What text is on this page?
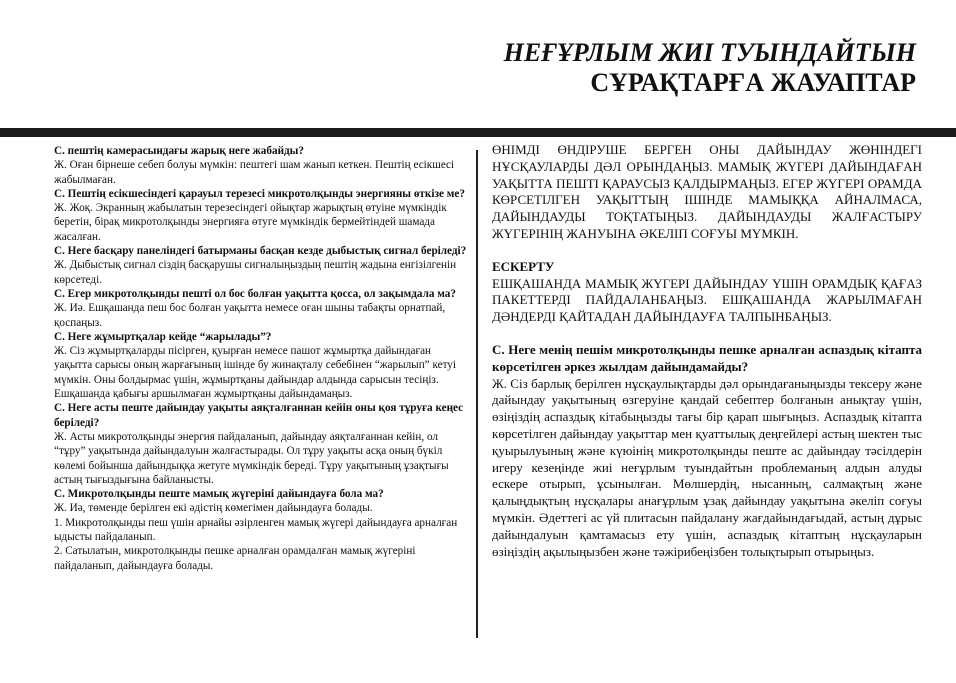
НЕҒҰРЛЫМ ЖИІ ТУЫНДАЙТЫН
СҰРАҚТАРҒА ЖАУАПТАР

С. пештің камерасындағы жарық неге жабайды?

Ж. Оған бірнеше себеп болуы мүмкін: пештегі шам жанып кеткен. Пештің есікшесі жабылмаған.

С. Пештің есікшесіндегі қарауыл терезесі микротолқынды энергияны өткізе ме?

Ж. Жоқ. Экранның жабылатын терезесіндегі ойықтар жарықтың өтуіне мүмкіндік беретін, бірақ микротолқынды энергияға өтуге мүмкіндік бермейтіндей шамада жасалған.

С. Неге басқару панеліндегі батырманы басқан кезде дыбыстық сигнал беріледі?

Ж. Дыбыстық сигнал сіздің басқарушы сигналыңыздың пештің жадына енгізілгенін көрсетеді.

С. Егер микротолқынды пешті ол бос болған уақытта қосса, ол зақымдала ма?

Ж. Иә. Ешқашанда пеш бос болған уақытта немесе оған шыны табақты орнатпай, қоспаңыз.

С. Неге жұмыртқалар кейде “жарылады”?

Ж. Сіз жұмыртқаларды пісірген, қуырған немесе пашот жұмыртқа дайындаған уақытта сарысы оның жарғағының ішінде бу жинақталу себебінен “жарылып” кетуі мүмкін. Оны болдырмас үшін, жұмыртқаны дайындар алдында сарысын тесіңіз. Ешқашанда қабығы аршылмаған жұмыртқаны дайындамаңыз.

С. Неге асты пеште дайындау уақыты аяқталғаннан кейін оны қоя тұруға кеңес беріледі?

Ж. Асты микротолқынды энергия пайдаланып, дайындау аяқталғаннан кейін, ол “тұру” уақытында дайындалуын жалғастырады. Ол тұру уақыты асқа оның бүкіл көлемі бойынша дайындыққа жетуге мүмкіндік береді. Тұру уақытының ұзақтығы астың тығыздығына байланысты.

С. Микротолқынды пеште мамық жүгеріні дайындауға бола ма?

Ж. Иә, төменде берілген екі әдістің көмегімен дайындауға болады.
1. Микротолқынды пеш үшін арнайы әзірленген мамық жүгері дайындауға арналған ыдысты пайдаланып.
2. Сатылатын, микротолқынды пешке арналған орамдалған мамық жүгеріні пайдаланып, дайындауға болады.

ӨНІМДІ ӨНДІРУШЕ БЕРГЕН ОНЫ ДАЙЫНДАУ ЖӨНІНДЕГІ НҰСҚАУЛАРДЫ ДӘЛ ОРЫНДАҢЫЗ. МАМЫҚ ЖҮГЕРІ ДАЙЫНДАҒАН УАҚЫТТА ПЕШТІ ҚАРАУСЫЗ ҚАЛДЫРМАҢЫЗ. ЕГЕР ЖҮГЕРІ ОРАМДА КӨРСЕТІЛГЕН УАҚЫТТЫҢ ІШІНДЕ МАМЫҚҚА АЙНАЛМАСА, ДАЙЫНДАУДЫ ТОҚТАТЫҢЫЗ. ДАЙЫНДАУДЫ ЖАЛҒАСТЫРУ ЖҮГЕРІНІҢ ЖАНУЫНА ӘКЕЛІП СОҒУЫ МҮМКІН.

ЕСКЕРТУ

ЕШҚАШАНДА МАМЫҚ ЖҮГЕРІ ДАЙЫНДАУ ҮШІН ОРАМДЫҚ ҚАҒАЗ ПАКЕТТЕРДІ ПАЙДАЛАНБАҢЫЗ. ЕШҚАШАНДА ЖАРЫЛМАҒАН ДӘНДЕРДІ ҚАЙТАДАН ДАЙЫНДАУҒА ТАЛПЫНБАҢЫЗ.

С. Неге менің пешім микротолқынды пешке арналған аспаздық кітапта көрсетілген әркез жылдам дайындамайды?

Ж. Сіз барлық берілген нұсқаулықтарды дәл орындағаныңызды тексеру және дайындау уақытының өзгеруіне қандай себептер болғанын анықтау үшін, өзіңіздің аспаздық кітабыңызды тағы бір қарап шығыңыз. Аспаздық кітапта көрсетілген дайындау уақыттар мен қуаттылық деңгейлері астың шектен тыс қуырылуының және күюінің микротолқынды пеште ас дайындау тәсілдерін игеру кезеңінде жиі неғұрлым туындайтын проблеманың алдын алуды ескере отырып, ұсынылған. Мөлшердің, нысанның, салмақтың және қалыңдықтың нұсқалары анағұрлым ұзақ дайындау уақытына әкеліп соғуы мүмкін. Әдеттегі ас үй плитасын пайдалану жағдайындағыдай, астың дұрыс дайындалуын қамтамасыз ету үшін, аспаздық кітаптың нұсқауларын өзіңіздің ақылыңызбен және тәжірибеңізбен толықтырып отырыңыз.
